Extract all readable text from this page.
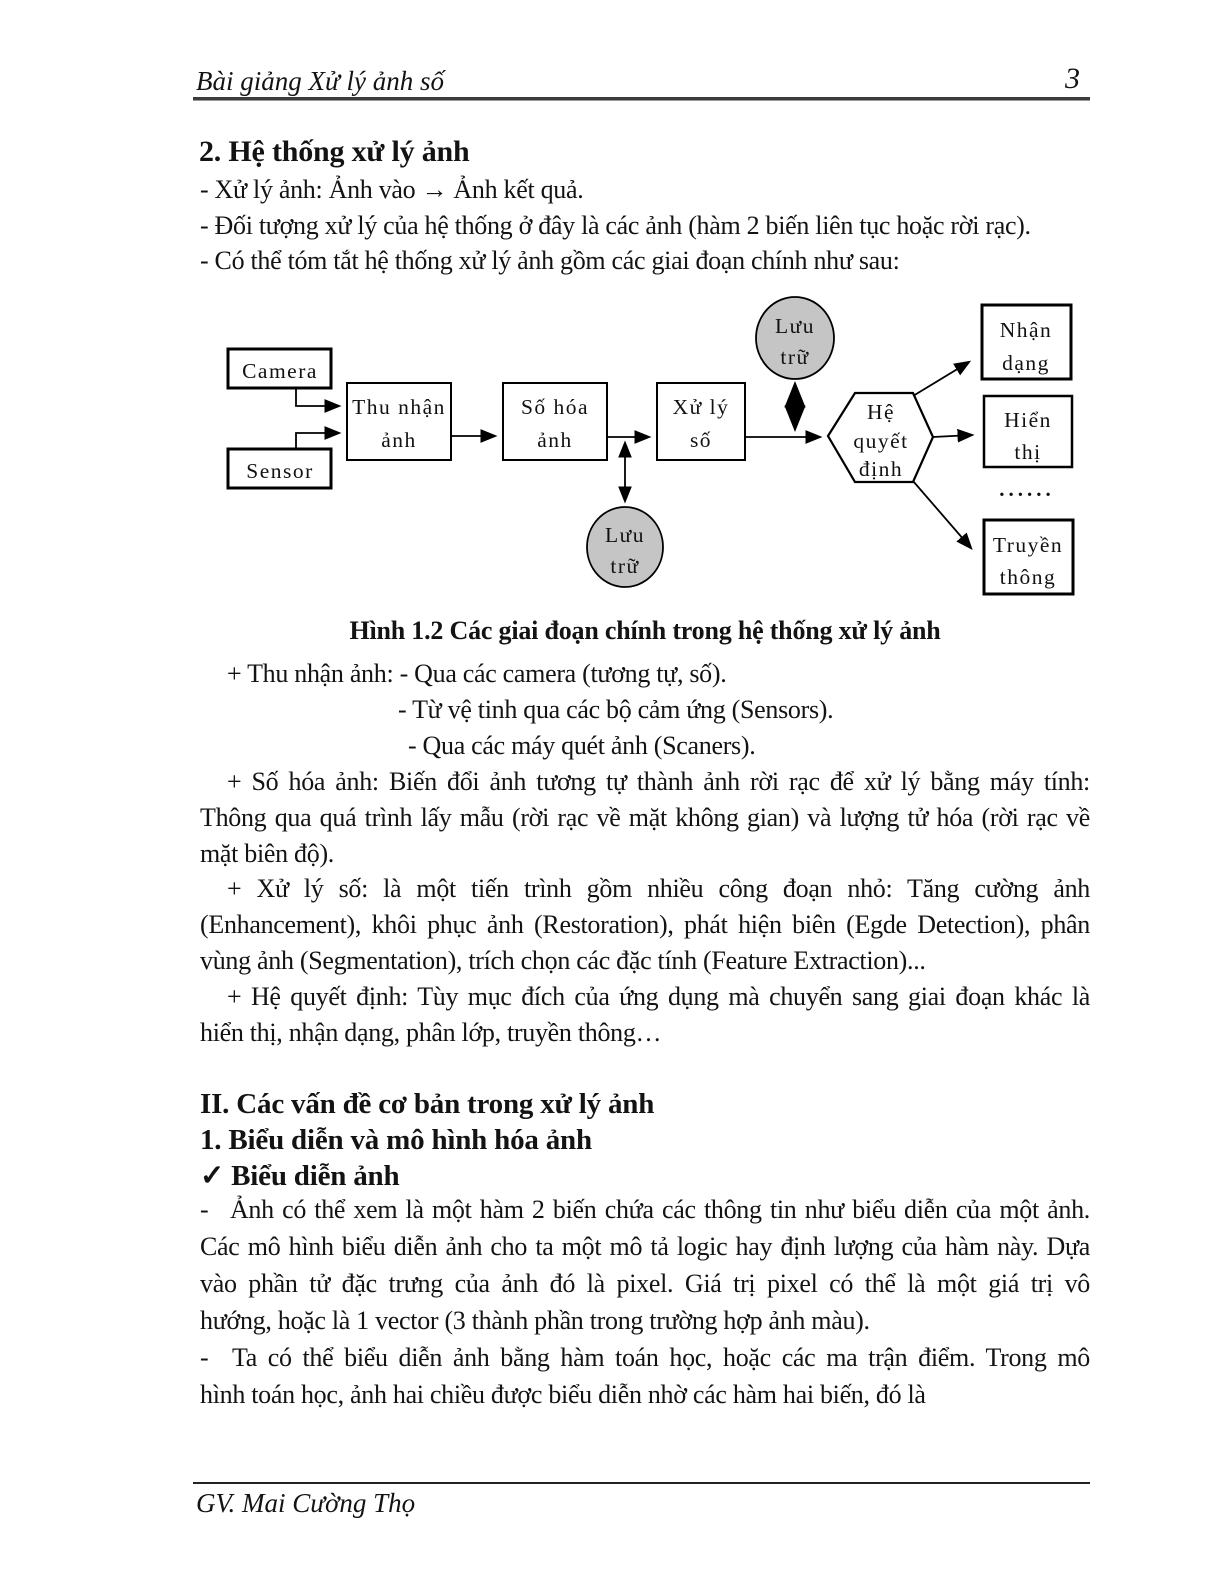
Bài giảng Xử lý ảnh số	3
2. Hệ thống xử lý ảnh
- Xử lý ảnh: Ảnh vào → Ảnh kết quả.
- Đối tượng xử lý của hệ thống ở đây là các ảnh (hàm 2 biến liên tục hoặc rời rạc).
- Có thể tóm tắt hệ thống xử lý ảnh gồm các giai đoạn chính như sau:
Camera
Sensor
Thu nhận
ảnh
Số hóa
ảnh
Xử lý
số
Lưu
trữ
Lưu
trữ
Hệ
quyết
định
Nhận
dạng
Hiển
thị
......
Truyền
thông
Hình 1.2 Các giai đoạn chính trong hệ thống xử lý ảnh
+ Thu nhận ảnh: - Qua các camera (tương tự, số).
- Từ vệ tinh qua các bộ cảm ứng (Sensors).
- Qua các máy quét ảnh (Scaners).
+ Số hóa ảnh: Biến đổi ảnh tương tự thành ảnh rời rạc để xử lý bằng máy tính:
Thông qua quá trình lấy mẫu (rời rạc về mặt không gian) và lượng tử hóa (rời rạc về
mặt biên độ).
+ Xử lý số: là một tiến trình gồm nhiều công đoạn nhỏ: Tăng cường ảnh
(Enhancement), khôi phục ảnh (Restoration), phát hiện biên (Egde Detection), phân
vùng ảnh (Segmentation), trích chọn các đặc tính (Feature Extraction)...
+ Hệ quyết định: Tùy mục đích của ứng dụng mà chuyển sang giai đoạn khác là
hiển thị, nhận dạng, phân lớp, truyền thông…
II. Các vấn đề cơ bản trong xử lý ảnh
1. Biểu diễn và mô hình hóa ảnh
✓ Biểu diễn ảnh
- Ảnh có thể xem là một hàm 2 biến chứa các thông tin như biểu diễn của một ảnh.
Các mô hình biểu diễn ảnh cho ta một mô tả logic hay định lượng của hàm này. Dựa
vào phần tử đặc trưng của ảnh đó là pixel. Giá trị pixel có thể là một giá trị vô
hướng, hoặc là 1 vector (3 thành phần trong trường hợp ảnh màu).
- Ta có thể biểu diễn ảnh bằng hàm toán học, hoặc các ma trận điểm. Trong mô
hình toán học, ảnh hai chiều được biểu diễn nhờ các hàm hai biến, đó là
GV. Mai Cường Thọ
